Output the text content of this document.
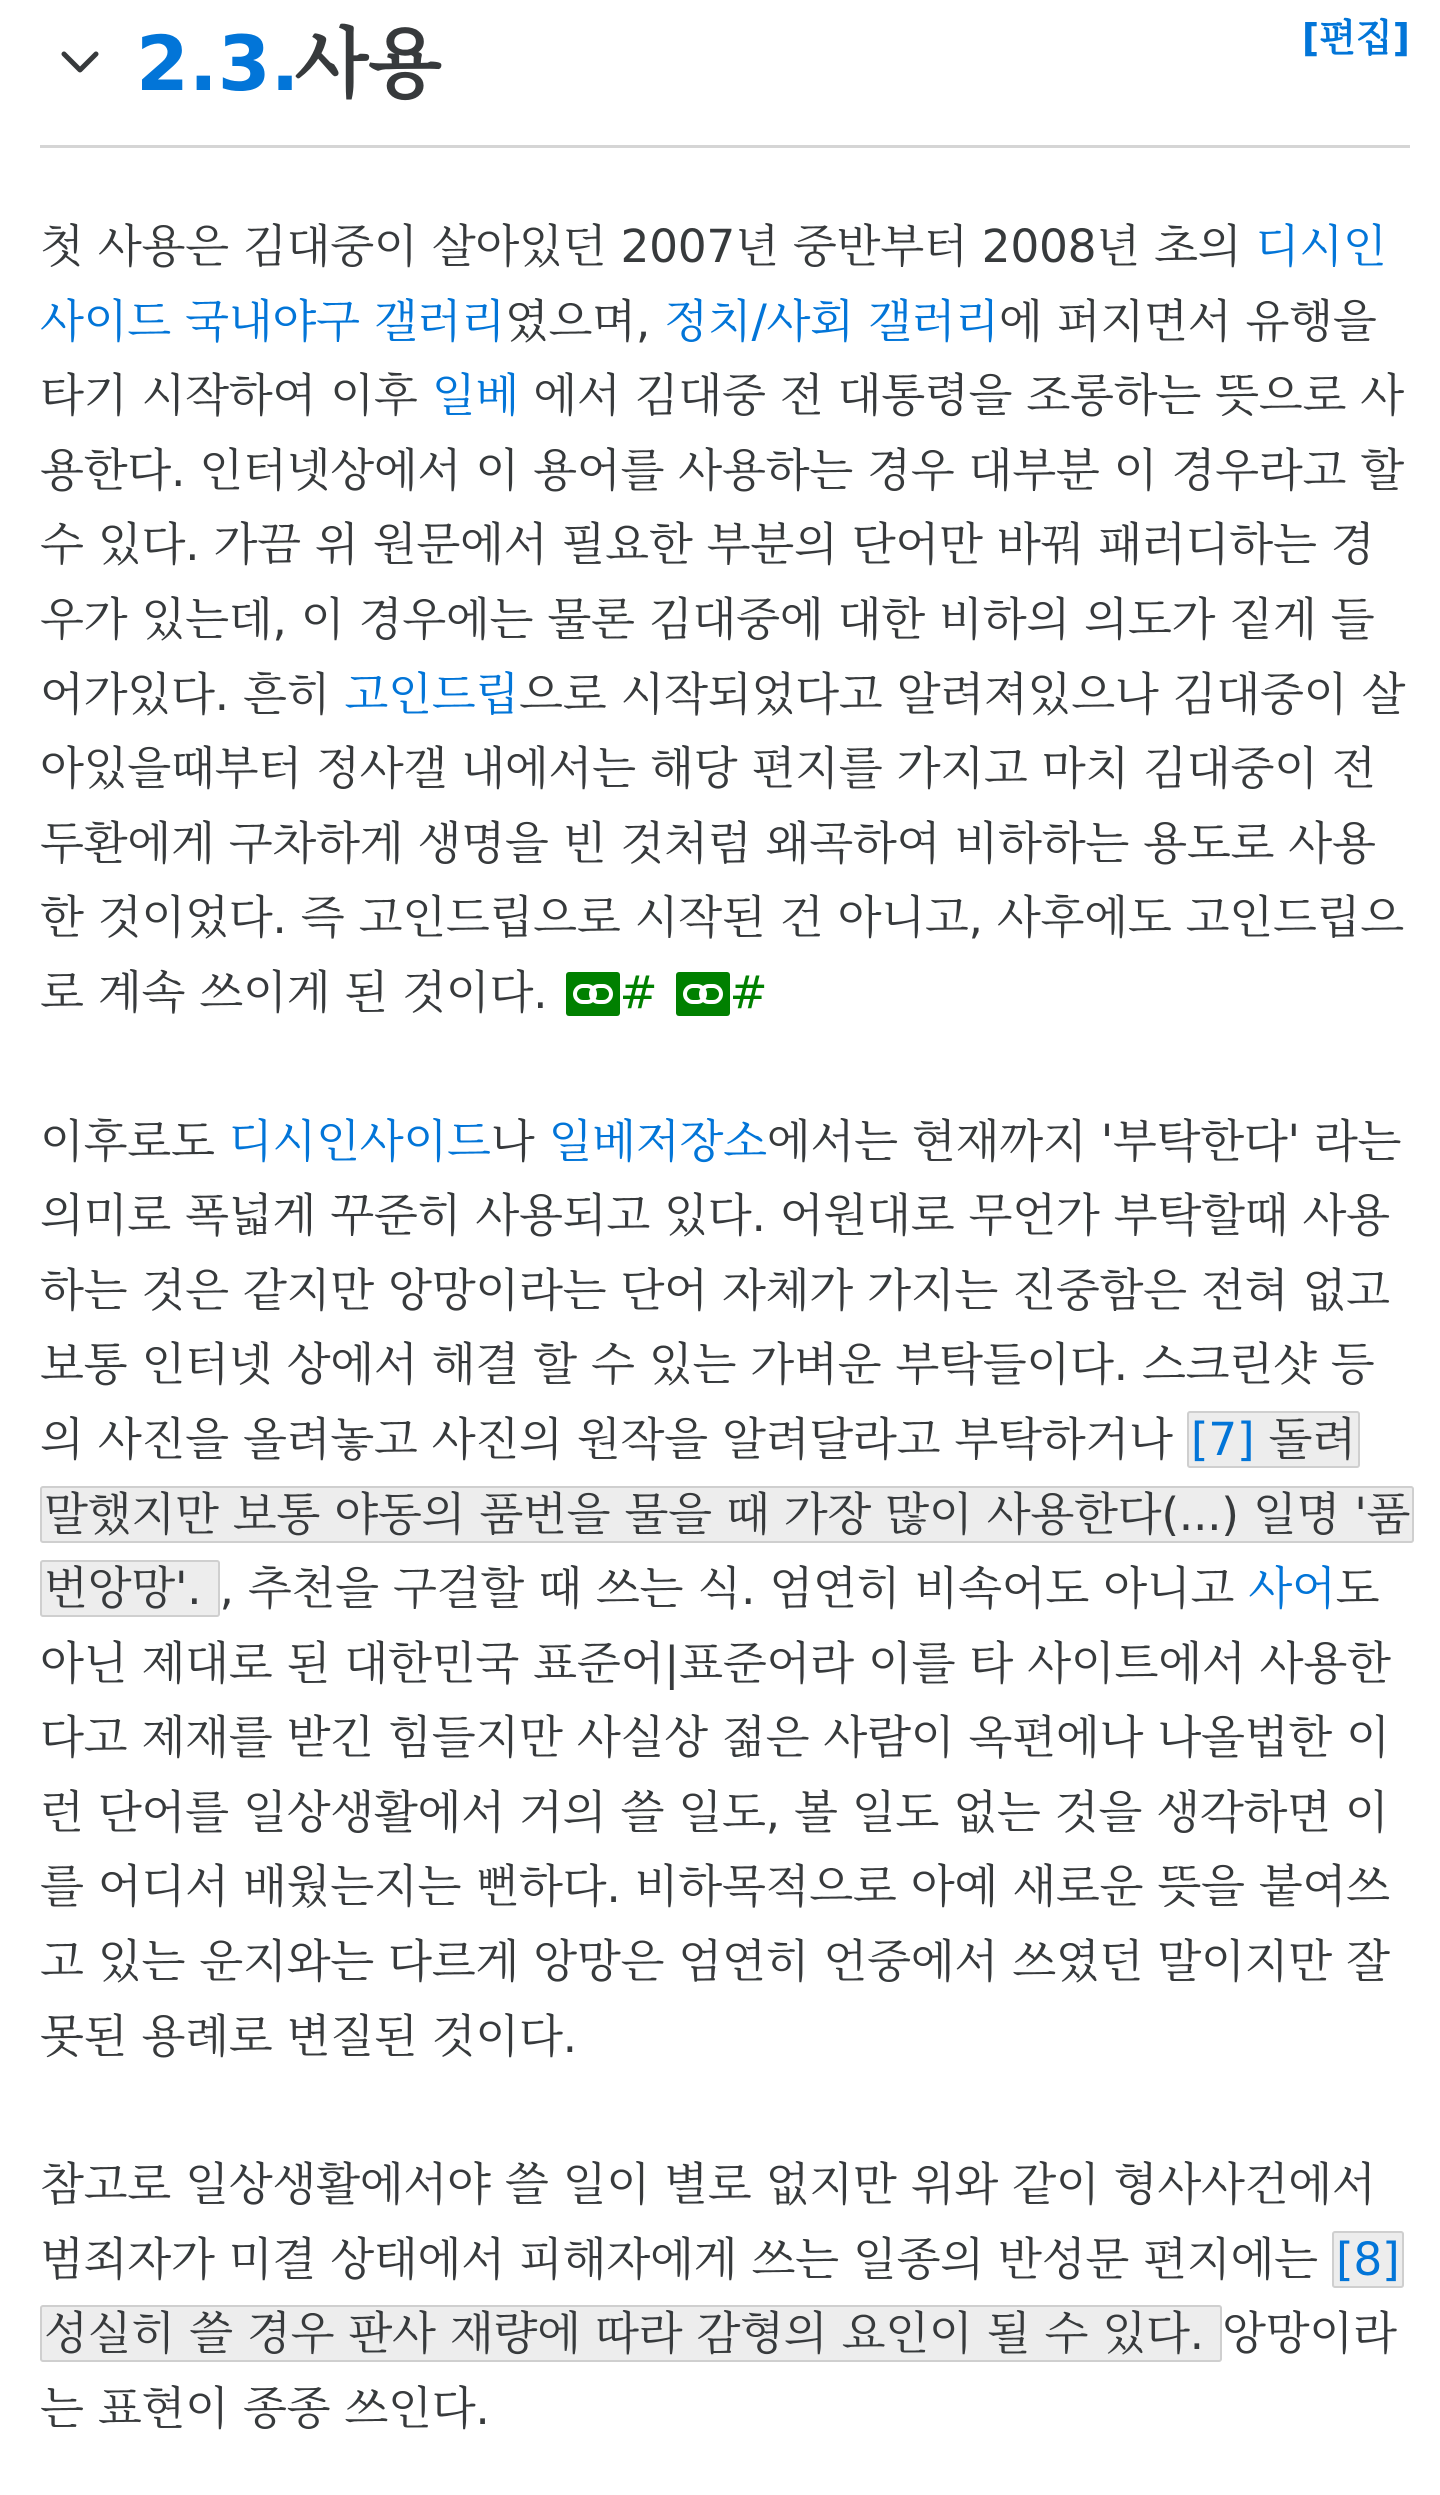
2.3.
사용	[편집]

첫 사용은 김대중이 살아있던 2007년 중반부터 2008년 초의 디시인사이드 국내야구 갤러리였으며, 정치/사회 갤러리에 퍼지면서 유행을 타기 시작하여 이후 일베 에서 김대중 전 대통령을 조롱하는 뜻으로 사용한다. 인터넷상에서 이 용어를 사용하는 경우 대부분 이 경우라고 할 수 있다. 가끔 위 원문에서 필요한 부분의 단어만 바꿔 패러디하는 경우가 있는데, 이 경우에는 물론 김대중에 대한 비하의 의도가 짙게 들어가있다. 흔히 고인드립으로 시작되었다고 알려져있으나 김대중이 살아있을때부터 정사갤 내에서는 해당 편지를 가지고 마치 김대중이 전두환에게 구차하게 생명을 빈 것처럼 왜곡하여 비하하는 용도로 사용한 것이었다. 즉 고인드립으로 시작된 건 아니고, 사후에도 고인드립으로 계속 쓰이게 된 것이다.
# #

이후로도 디시인사이드나 일베저장소에서는 현재까지 '부탁한다' 라는 의미로 폭넓게 꾸준히 사용되고 있다. 어원대로 무언가 부탁할때 사용하는 것은 같지만 앙망이라는 단어 자체가 가지는 진중함은 전혀 없고 보통 인터넷 상에서 해결 할 수 있는 가벼운 부탁들이다. 스크린샷 등의 사진을 올려놓고 사진의 원작을 알려달라고 부탁하거나 [7] 돌려 말했지만 보통 야동의 품번을 물을 때 가장 많이 사용한다(...) 일명 '품번앙망'. , 추천을 구걸할 때 쓰는 식. 엄연히 비속어도 아니고 사어도 아닌 제대로 된 대한민국 표준어|표준어라 이를 타 사이트에서 사용한다고 제재를 받긴 힘들지만 사실상 젊은 사람이 옥편에나 나올법한 이런 단어를 일상생활에서 거의 쓸 일도, 볼 일도 없는 것을 생각하면 이를 어디서 배웠는지는 뻔하다. 비하목적으로 아예 새로운 뜻을 붙여쓰고 있는 운지와는 다르게 앙망은 엄연히 언중에서 쓰였던 말이지만 잘못된 용례로 변질된 것이다.

참고로 일상생활에서야 쓸 일이 별로 없지만 위와 같이 형사사건에서 범죄자가 미결 상태에서 피해자에게 쓰는 일종의 반성문 편지에는 [8] 성실히 쓸 경우 판사 재량에 따라 감형의 요인이 될 수 있다. 앙망이라는 표현이 종종 쓰인다.
